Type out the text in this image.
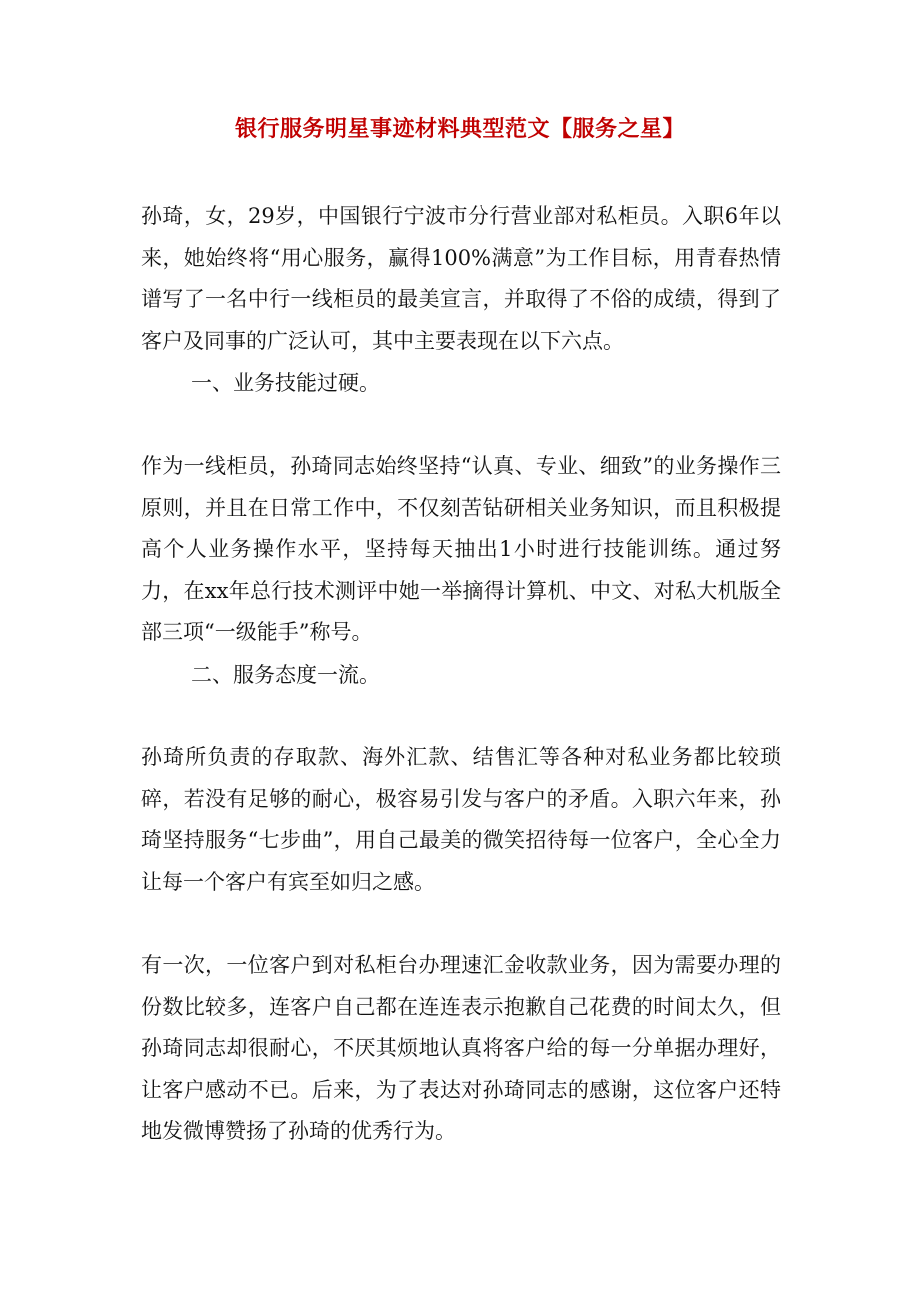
银行服务明星事迹材料典型范文【服务之星】

孙琦，女，29岁，中国银行宁波市分行营业部对私柜员。入职6年以来，她始终将“用心服务，赢得100%满意”为工作目标，用青春热情谱写了一名中行一线柜员的最美宣言，并取得了不俗的成绩，得到了客户及同事的广泛认可，其中主要表现在以下六点。

一、业务技能过硬。

作为一线柜员，孙琦同志始终坚持“认真、专业、细致”的业务操作三原则，并且在日常工作中，不仅刻苦钻研相关业务知识，而且积极提高个人业务操作水平，坚持每天抽出1小时进行技能训练。通过努力，在xx年总行技术测评中她一举摘得计算机、中文、对私大机版全部三项“一级能手”称号。

二、服务态度一流。

孙琦所负责的存取款、海外汇款、结售汇等各种对私业务都比较琐碎，若没有足够的耐心，极容易引发与客户的矛盾。入职六年来，孙琦坚持服务“七步曲”，用自己最美的微笑招待每一位客户，全心全力让每一个客户有宾至如归之感。

有一次，一位客户到对私柜台办理速汇金收款业务，因为需要办理的份数比较多，连客户自己都在连连表示抱歉自己花费的时间太久，但孙琦同志却很耐心，不厌其烦地认真将客户给的每一分单据办理好，让客户感动不已。后来，为了表达对孙琦同志的感谢，这位客户还特地发微博赞扬了孙琦的优秀行为。
